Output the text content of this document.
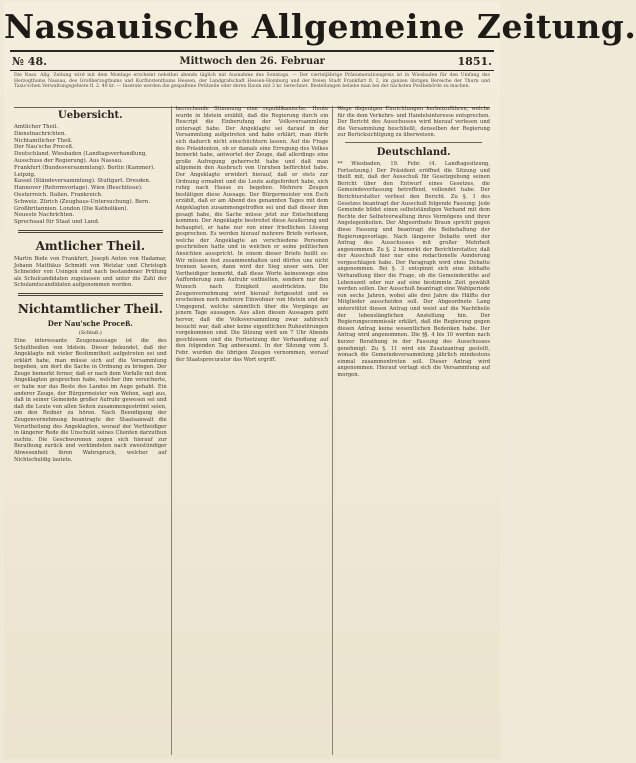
Nassauische Allgemeine Zeitung.
№ 48.	Mittwoch den 26. Februar	1851.
Die Nass. Allg. Zeitung wird mit dem Montage erscheint nebstbei abends täglich mit Ausnahme des Sonntags. — Der vierteljährige Pränumerationspreis ist in Wiesbaden für den Umfang des Herzogthums Nassau, des Großherzogthums und Kurfürstenthums Hessen, der Landgrafschaft Hessen-Homburg und der freien Stadt Frankfurt fl. 2, im ganzen übrigen Bereiche der Thurn und Taxis'schen Verwaltungsgebiete fl. 2. 40 kr. — Inserate werden die gespaltene Petitzeile oder deren Raum mit 3 kr. berechnet. Bestellungen beliebe man bei der nächsten Postbehörde zu machen.
Uebersicht.
Amtlicher Theil.
Dienstnachrichten.
Nichtamtlicher Theil.
Der Nau'sche Proceß.
Deutschland. Wiesbaden (Landtagsverhandlung, Ausschuss der Regierung). Aus Nassau.
Frankfurt (Bundesversammlung). Berlin (Kammer). Leipzig.
Kassel (Ständeversammlung). Stuttgart. Dresden.
Hannover (Reformvorlage). Wien (Beschlüsse).
Oesterreich. Italien. Frankreich.
Schweiz. Zürich (Zeughaus-Untersuchung). Bern.
Großbritannien. London (Die Katholiken).
Neueste Nachrichten.
Sprechsaal für Staat und Land.
Amtlicher Theil.
Martin Bode von Frankfurt, Joseph Anton von Hadamar, Johann Matthäus Schmidt von Wetzlar und Christoph Schneider von Usingen sind nach bestandener Prüfung als Schulcandidaten zugelassen und unter die Zahl der Schulamtscandidaten aufgenommen worden.
Nichtamtlicher Theil.
Der Nau'sche Proceß.
(Schluß.)
Eine interessante Zeugenaussage ist die des Schultheißen von Idstein. Dieser bekundet, daß der Angeklagte mit vieler Bestimmtheit aufgetreten sei und erklärt habe, man müsse sich auf die Versammlung begeben, um dort die Sache in Ordnung zu bringen. Der Zeuge bemerkt ferner, daß er nach dem Vorfalle mit dem Angeklagten gesprochen habe, welcher ihm versicherte, er habe nur das Beste des Landes im Auge gehabt. Ein anderer Zeuge, der Bürgermeister von Wehen, sagt aus, daß in seiner Gemeinde großer Aufruhr gewesen sei und daß die Leute von allen Seiten zusammengeströmt seien, um den Redner zu hören. Nach Beendigung der Zeugenvernehmung beantragte der Staatsanwalt die Verurtheilung des Angeklagten, worauf der Vertheidiger in längerer Rede die Unschuld seines Clienten darzuthun suchte. Die Geschworenen zogen sich hierauf zur Berathung zurück und verkündeten nach zweistündiger Abwesenheit ihren Wahrspruch, welcher auf Nichtschuldig lautete.
herrschende Stimmung eine republikanische. Heute wurde in Idstein erzählt, daß die Regierung durch ein Rescript die Einberufung der Volksversammlung untersagt habe. Der Angeklagte sei darauf in der Versammlung aufgetreten und habe erklärt, man dürfe sich dadurch nicht einschüchtern lassen. Auf die Frage des Präsidenten, ob er damals eine Erregung des Volkes bemerkt habe, antwortet der Zeuge, daß allerdings eine große Aufregung geherrscht habe und daß man allgemein den Ausbruch von Unruhen befürchtet habe. Der Angeklagte erwidert hierauf, daß er stets zur Ordnung ermahnt und die Leute aufgefordert habe, sich ruhig nach Hause zu begeben. Mehrere Zeugen bestätigen diese Aussage. Der Bürgermeister von Esch erzählt, daß er am Abend des genannten Tages mit dem Angeklagten zusammengetroffen sei und daß dieser ihm gesagt habe, die Sache müsse jetzt zur Entscheidung kommen. Der Angeklagte bestreitet diese Aeußerung und behauptet, er habe nur von einer friedlichen Lösung gesprochen. Es werden hierauf mehrere Briefe verlesen, welche der Angeklagte an verschiedene Personen geschrieben hatte und in welchen er seine politischen Ansichten ausspricht. In einem dieser Briefe heißt es: Wir müssen fest zusammenhalten und dürfen uns nicht trennen lassen, dann wird der Sieg unser sein. Der Vertheidiger bemerkt, daß diese Worte keineswegs eine Aufforderung zum Aufruhr enthielten, sondern nur den Wunsch nach Einigkeit ausdrückten. Die Zeugenvernehmung wird hierauf fortgesetzt und es erscheinen noch mehrere Einwohner von Idstein und der Umgegend, welche sämmtlich über die Vorgänge an jenem Tage aussagen. Aus allen diesen Aussagen geht hervor, daß die Volksversammlung zwar zahlreich besucht war, daß aber keine eigentlichen Ruhestörungen vorgekommen sind. Die Sitzung wird um 7 Uhr Abends geschlossen und die Fortsetzung der Verhandlung auf den folgenden Tag anberaumt. In der Sitzung vom 5. Febr. wurden die übrigen Zeugen vernommen, worauf der Staatsprocurator das Wort ergriff.
Wege diejenigen Einrichtungen herbeizuführen, welche für die dem Verkehrs- und Handelsinteresse entsprechen. Der Bericht des Ausschusses wird hierauf verlesen und die Versammlung beschließt, denselben der Regierung zur Berücksichtigung zu überweisen.
Deutschland.
** Wiesbaden, 19. Febr. (4. Landtagssitzung, Fortsetzung.) Der Präsident eröffnet die Sitzung und theilt mit, daß der Ausschuß für Gesetzgebung seinen Bericht über den Entwurf eines Gesetzes, die Gemeindeverfassung betreffend, vollendet habe. Der Berichterstatter verliest den Bericht. Zu §. 1 des Gesetzes beantragt der Ausschuß folgende Fassung: Jede Gemeinde bildet einen selbstständigen Verband mit dem Rechte der Selbstverwaltung ihres Vermögens und ihrer Angelegenheiten. Der Abgeordnete Braun spricht gegen diese Fassung und beantragt die Beibehaltung der Regierungsvorlage. Nach längerer Debatte wird der Antrag des Ausschusses mit großer Mehrheit angenommen. Zu §. 2 bemerkt der Berichterstatter, daß der Ausschuß hier nur eine redactionelle Aenderung vorgeschlagen habe. Der Paragraph wird ohne Debatte angenommen. Bei §. 3 entspinnt sich eine lebhafte Verhandlung über die Frage, ob die Gemeinderäthe auf Lebenszeit oder nur auf eine bestimmte Zeit gewählt werden sollen. Der Ausschuß beantragt eine Wahlperiode von sechs Jahren, wobei alle drei Jahre die Hälfte der Mitglieder ausscheiden soll. Der Abgeordnete Lang unterstützt diesen Antrag und weist auf die Nachtheile der lebenslänglichen Anstellung hin. Der Regierungscommissär erklärt, daß die Regierung gegen diesen Antrag keine wesentlichen Bedenken habe. Der Antrag wird angenommen. Die §§. 4 bis 10 werden nach kurzer Berathung in der Fassung des Ausschusses genehmigt. Zu §. 11 wird ein Zusatzantrag gestellt, wonach die Gemeindeversammlung jährlich mindestens einmal zusammentreten soll. Dieser Antrag wird angenommen. Hierauf vertagt sich die Versammlung auf morgen.
